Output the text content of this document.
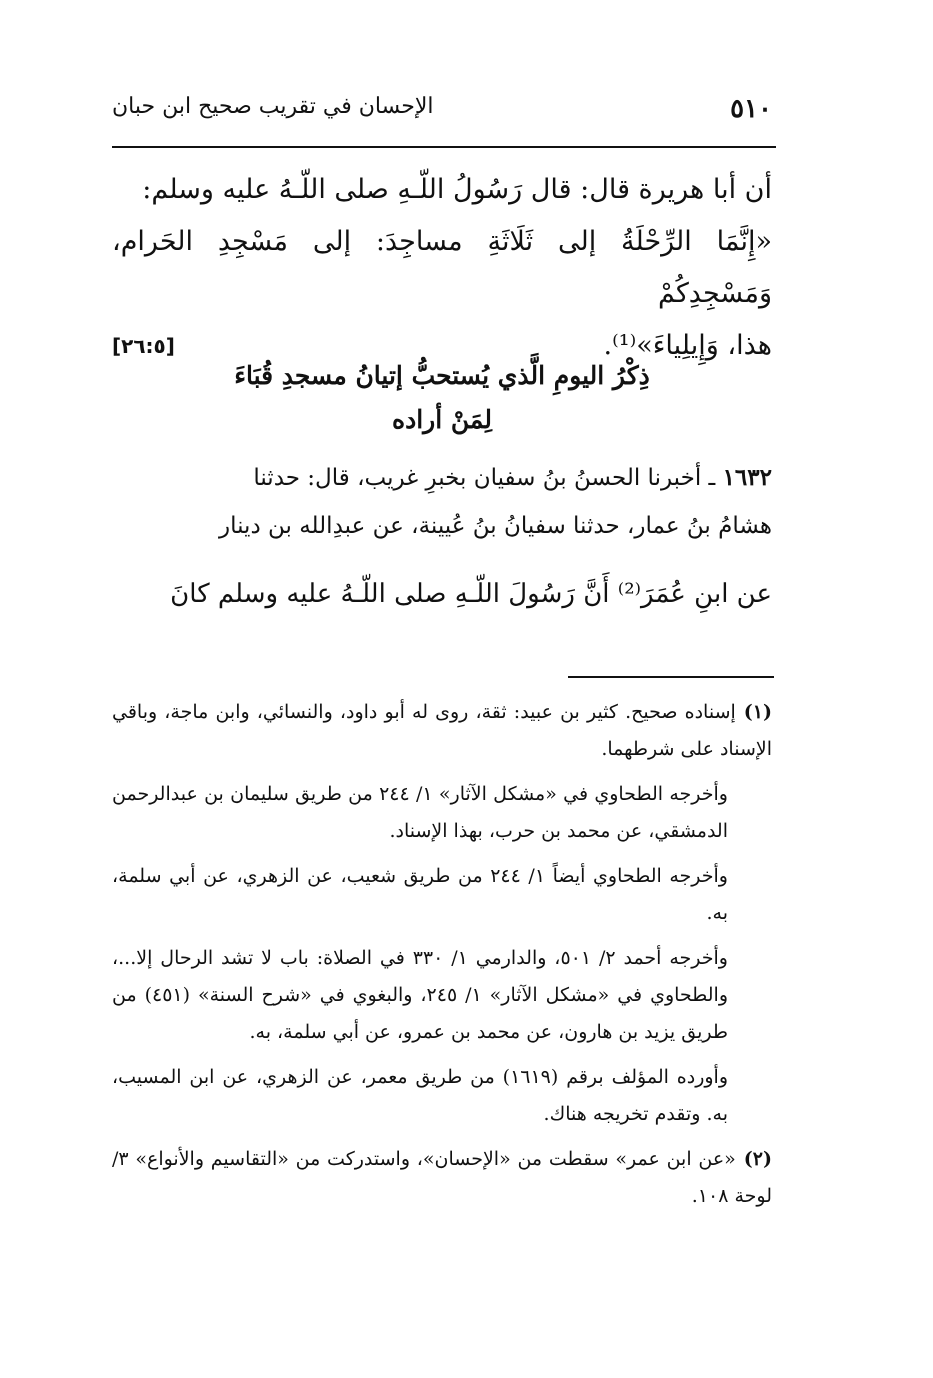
٥١٠
الإحسان في تقريب صحيح ابن حبان

أن أبا هريرة قال: قال رَسُولُ اللّـهِ صلى اللّـهُ عليه وسلم:

«إِنَّمَا الرِّحْلَةُ إلى ثَلَاثَةِ مساجِدَ: إلى مَسْجِدِ الحَرام، وَمَسْجِدِكُمْ

هذا، وَإِيلِياءَ»⁽¹⁾.
[٢٦:٥]

ذِكْرُ اليومِ الَّذي يُستحبُّ إتيانُ مسجدِ قُبَاءَ
لِمَنْ أراده

١٦٣٢ ـ أخبرنا الحسنُ بنُ سفيان بخبرِ غريب، قال: حدثنا

هشامُ بنُ عمار، حدثنا سفيانُ بنُ عُيينة، عن عبدِالله بن دينار

عن ابنِ عُمَرَ⁽²⁾ أَنَّ رَسُولَ اللّـهِ صلى اللّـهُ عليه وسلم كانَ

(١)إسناده صحيح. كثير بن عبيد: ثقة، روى له أبو داود، والنسائي، وابن ماجة، وباقي الإسناد على شرطهما.

وأخرجه الطحاوي في «مشكل الآثار» ١/ ٢٤٤ من طريق سليمان بن عبدالرحمن الدمشقي، عن محمد بن حرب، بهذا الإسناد.

وأخرجه الطحاوي أيضاً ١/ ٢٤٤ من طريق شعيب، عن الزهري، عن أبي سلمة، به.

وأخرجه أحمد ٢/ ٥٠١، والدارمي ١/ ٣٣٠ في الصلاة: باب لا تشد الرحال إلا...، والطحاوي في «مشكل الآثار» ١/ ٢٤٥، والبغوي في «شرح السنة» (٤٥١) من طريق يزيد بن هارون، عن محمد بن عمرو، عن أبي سلمة، به.

وأورده المؤلف برقم (١٦١٩) من طريق معمر، عن الزهري، عن ابن المسيب، به. وتقدم تخريجه هناك.

(٢)«عن ابن عمر» سقطت من «الإحسان»، واستدركت من «التقاسيم والأنواع» ٣/ لوحة ١٠٨.
